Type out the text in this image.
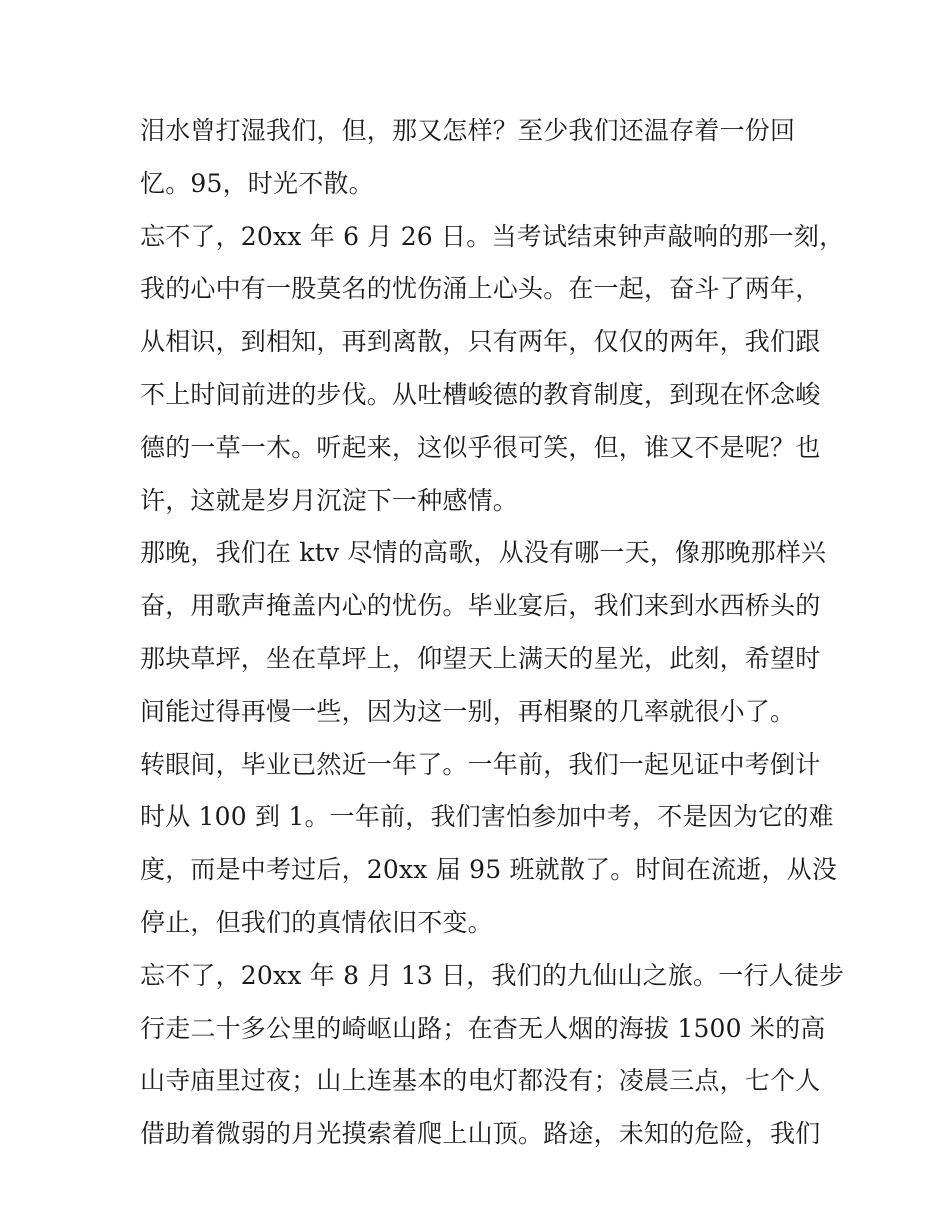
泪水曾打湿我们，但，那又怎样？至少我们还温存着一份回
忆。95，时光不散。
忘不了，20xx 年 6 月 26 日。当考试结束钟声敲响的那一刻，
我的心中有一股莫名的忧伤涌上心头。在一起，奋斗了两年，
从相识，到相知，再到离散，只有两年，仅仅的两年，我们跟
不上时间前进的步伐。从吐槽峻德的教育制度，到现在怀念峻
德的一草一木。听起来，这似乎很可笑，但，谁又不是呢？也
许，这就是岁月沉淀下一种感情。
那晚，我们在 ktv 尽情的高歌，从没有哪一天，像那晚那样兴
奋，用歌声掩盖内心的忧伤。毕业宴后，我们来到水西桥头的
那块草坪，坐在草坪上，仰望天上满天的星光，此刻，希望时
间能过得再慢一些，因为这一别，再相聚的几率就很小了。
转眼间，毕业已然近一年了。一年前，我们一起见证中考倒计
时从 100 到 1。一年前，我们害怕参加中考，不是因为它的难
度，而是中考过后，20xx 届 95 班就散了。时间在流逝，从没
停止，但我们的真情依旧不变。
忘不了，20xx 年 8 月 13 日，我们的九仙山之旅。一行人徒步
行走二十多公里的崎岖山路；在杳无人烟的海拔 1500 米的高
山寺庙里过夜；山上连基本的电灯都没有；凌晨三点，七个人
借助着微弱的月光摸索着爬上山顶。路途，未知的危险，我们
